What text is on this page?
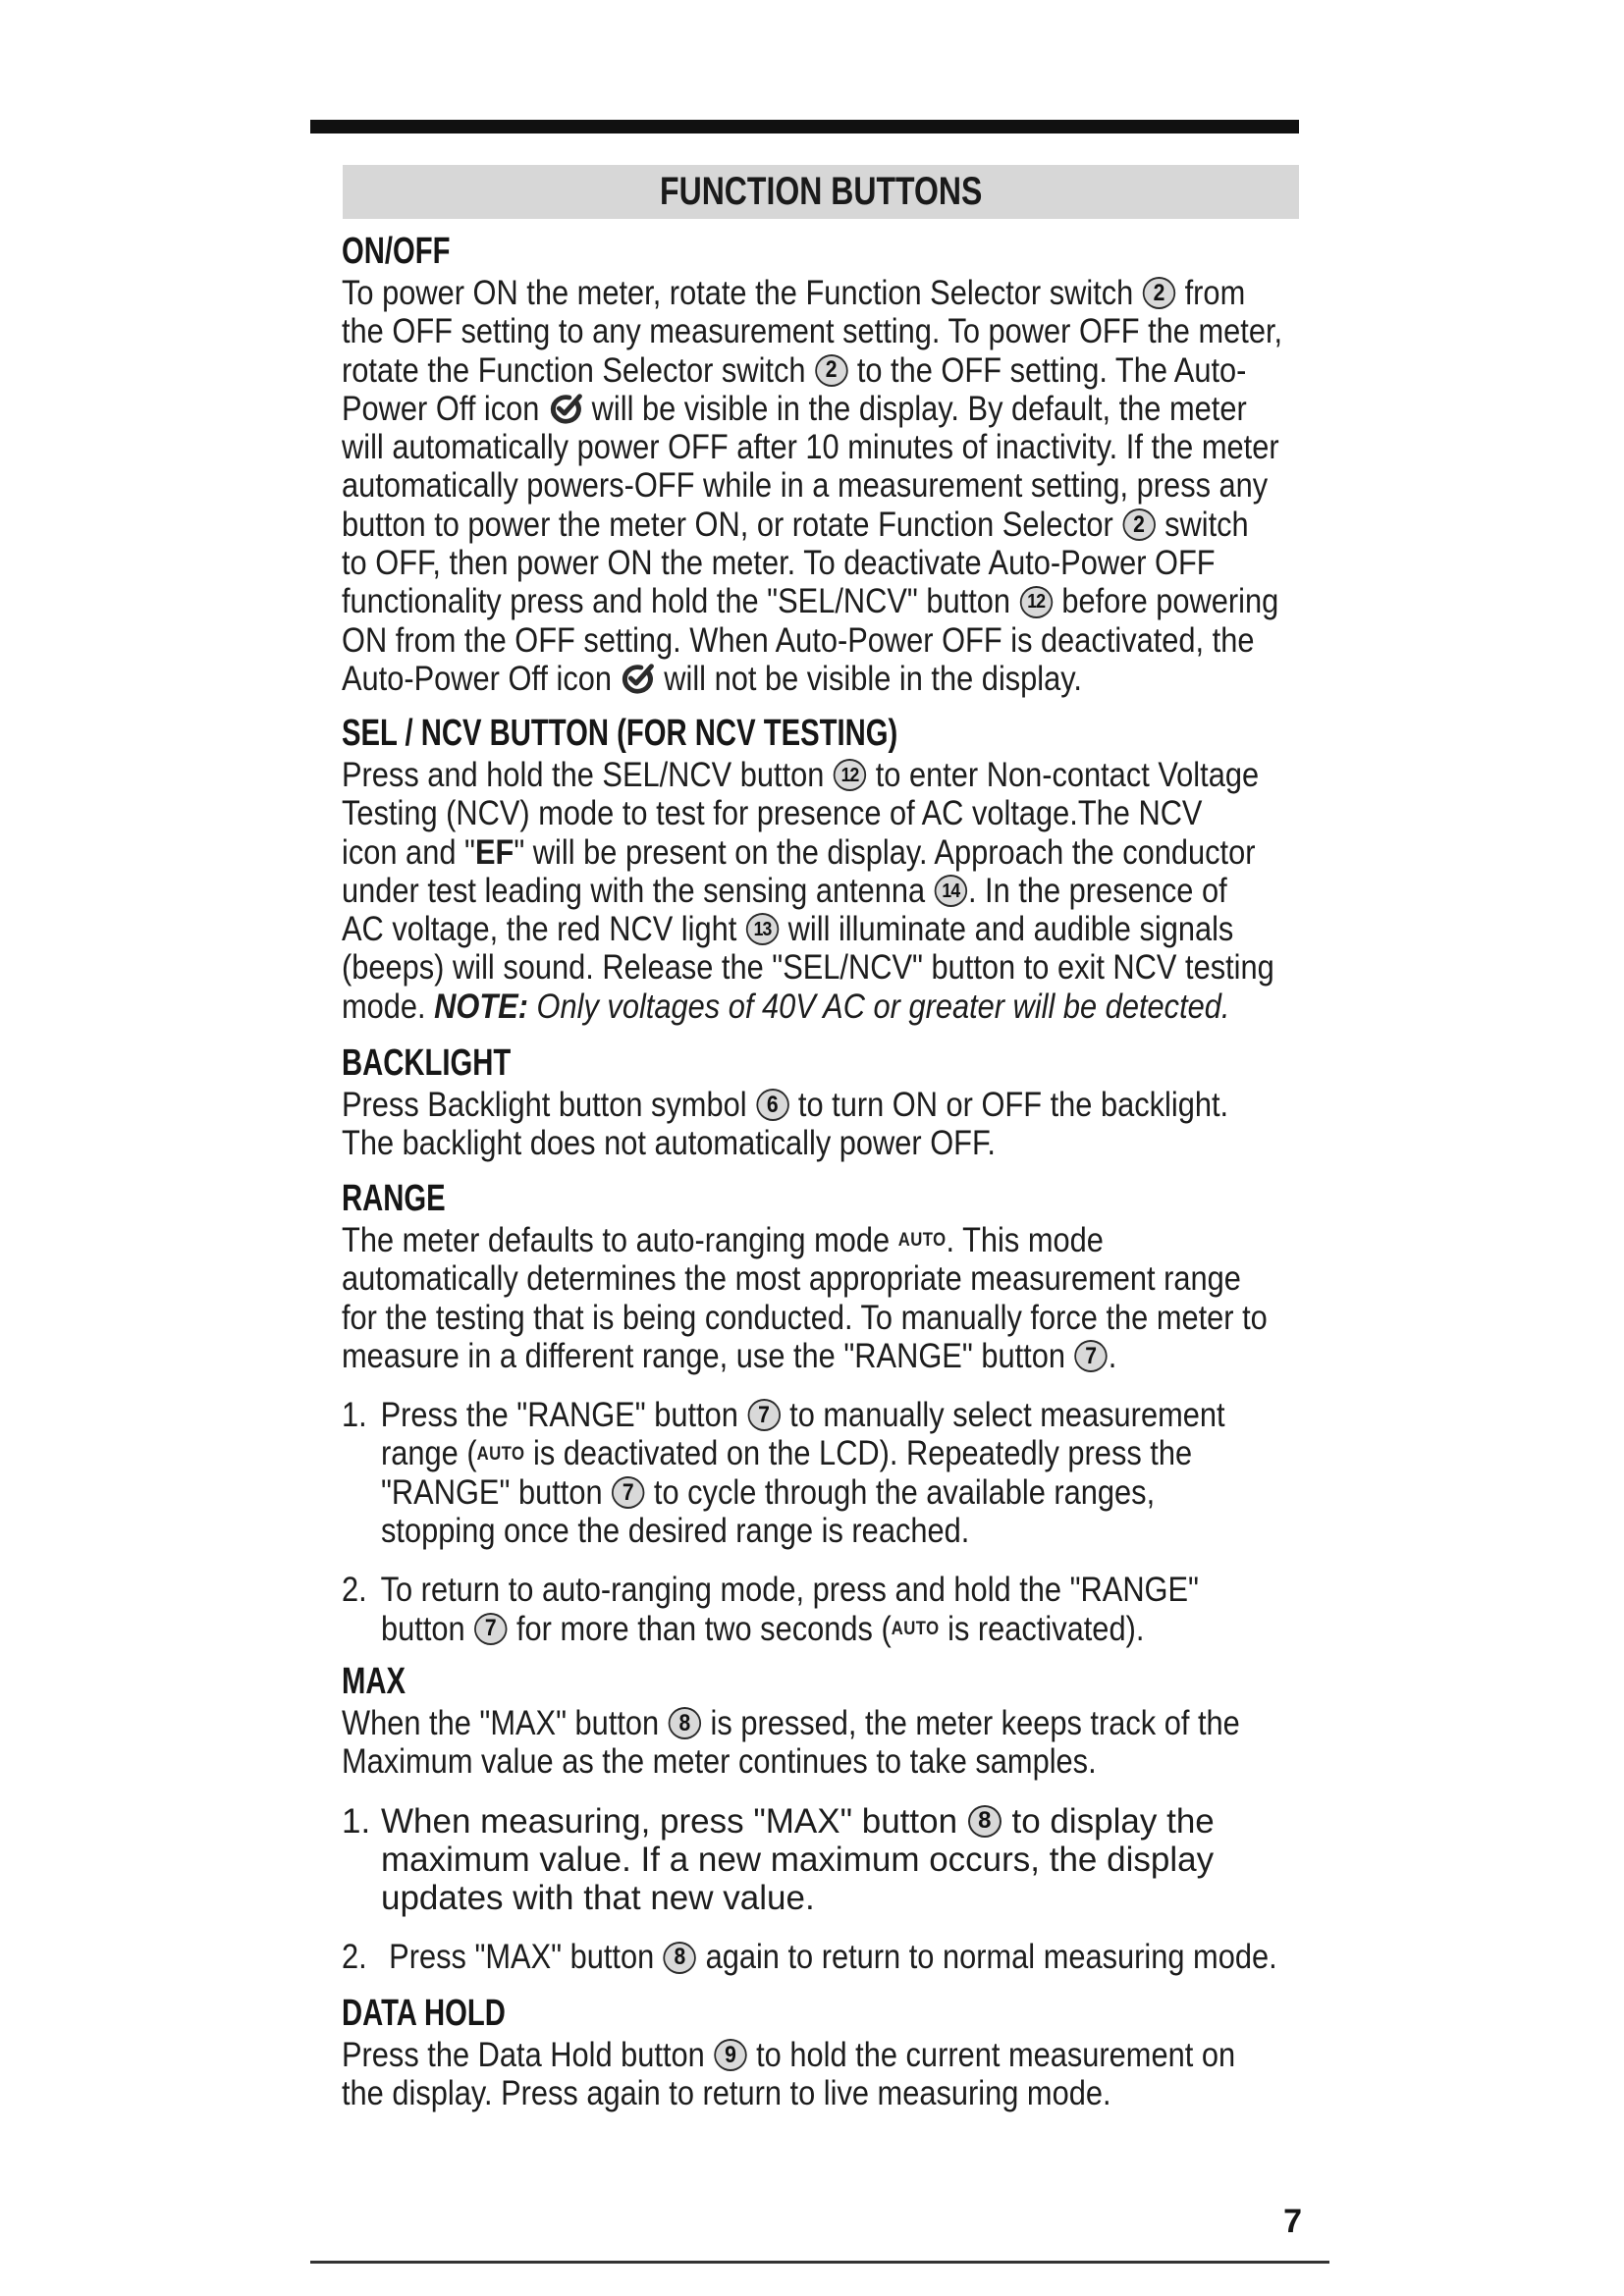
FUNCTION BUTTONS
ON/OFF
To power ON the meter, rotate the Function Selector switch 2 from
the OFF setting to any measurement setting. To power OFF the meter,
rotate the Function Selector switch 2 to the OFF setting. The Auto-
Power Off icon  will be visible in the display. By default, the meter
will automatically power OFF after 10 minutes of inactivity. If the meter
automatically powers-OFF while in a measurement setting, press any
button to power the meter ON, or rotate Function Selector 2 switch
to OFF, then power ON the meter. To deactivate Auto-Power OFF
functionality press and hold the "SEL/NCV" button 12 before powering
ON from the OFF setting. When Auto-Power OFF is deactivated, the
Auto-Power Off icon  will not be visible in the display.
SEL / NCV BUTTON (FOR NCV TESTING)
Press and hold the SEL/NCV button 12 to enter Non-contact Voltage
Testing (NCV) mode to test for presence of AC voltage.The NCV
icon and "EF" will be present on the display. Approach the conductor
under test leading with the sensing antenna 14 . In the presence of
AC voltage, the red NCV light 13 will illuminate and audible signals
(beeps) will sound. Release the "SEL/NCV" button to exit NCV testing
mode. NOTE: Only voltages of 40V AC or greater will be detected.
BACKLIGHT
Press Backlight button symbol 6 to turn ON or OFF the backlight.
The backlight does not automatically power OFF.
RANGE
The meter defaults to auto-ranging mode AUTO. This mode
automatically determines the most appropriate measurement range
for the testing that is being conducted. To manually force the meter to
measure in a different range, use the "RANGE" button 7 .
1. Press the "RANGE" button 7 to manually select measurement
range (AUTO is deactivated on the LCD). Repeatedly press the
"RANGE" button 7 to cycle through the available ranges,
stopping once the desired range is reached.
2. To return to auto-ranging mode, press and hold the "RANGE"
button 7 for more than two seconds (AUTO is reactivated).
MAX
When the "MAX" button 8 is pressed, the meter keeps track of the
Maximum value as the meter continues to take samples.
1. When measuring, press "MAX" button 8 to display the
maximum value. If a new maximum occurs, the display
updates with that new value.
2. Press "MAX" button 8 again to return to normal measuring mode.
DATA HOLD
Press the Data Hold button 9 to hold the current measurement on
the display. Press again to return to live measuring mode.
7
